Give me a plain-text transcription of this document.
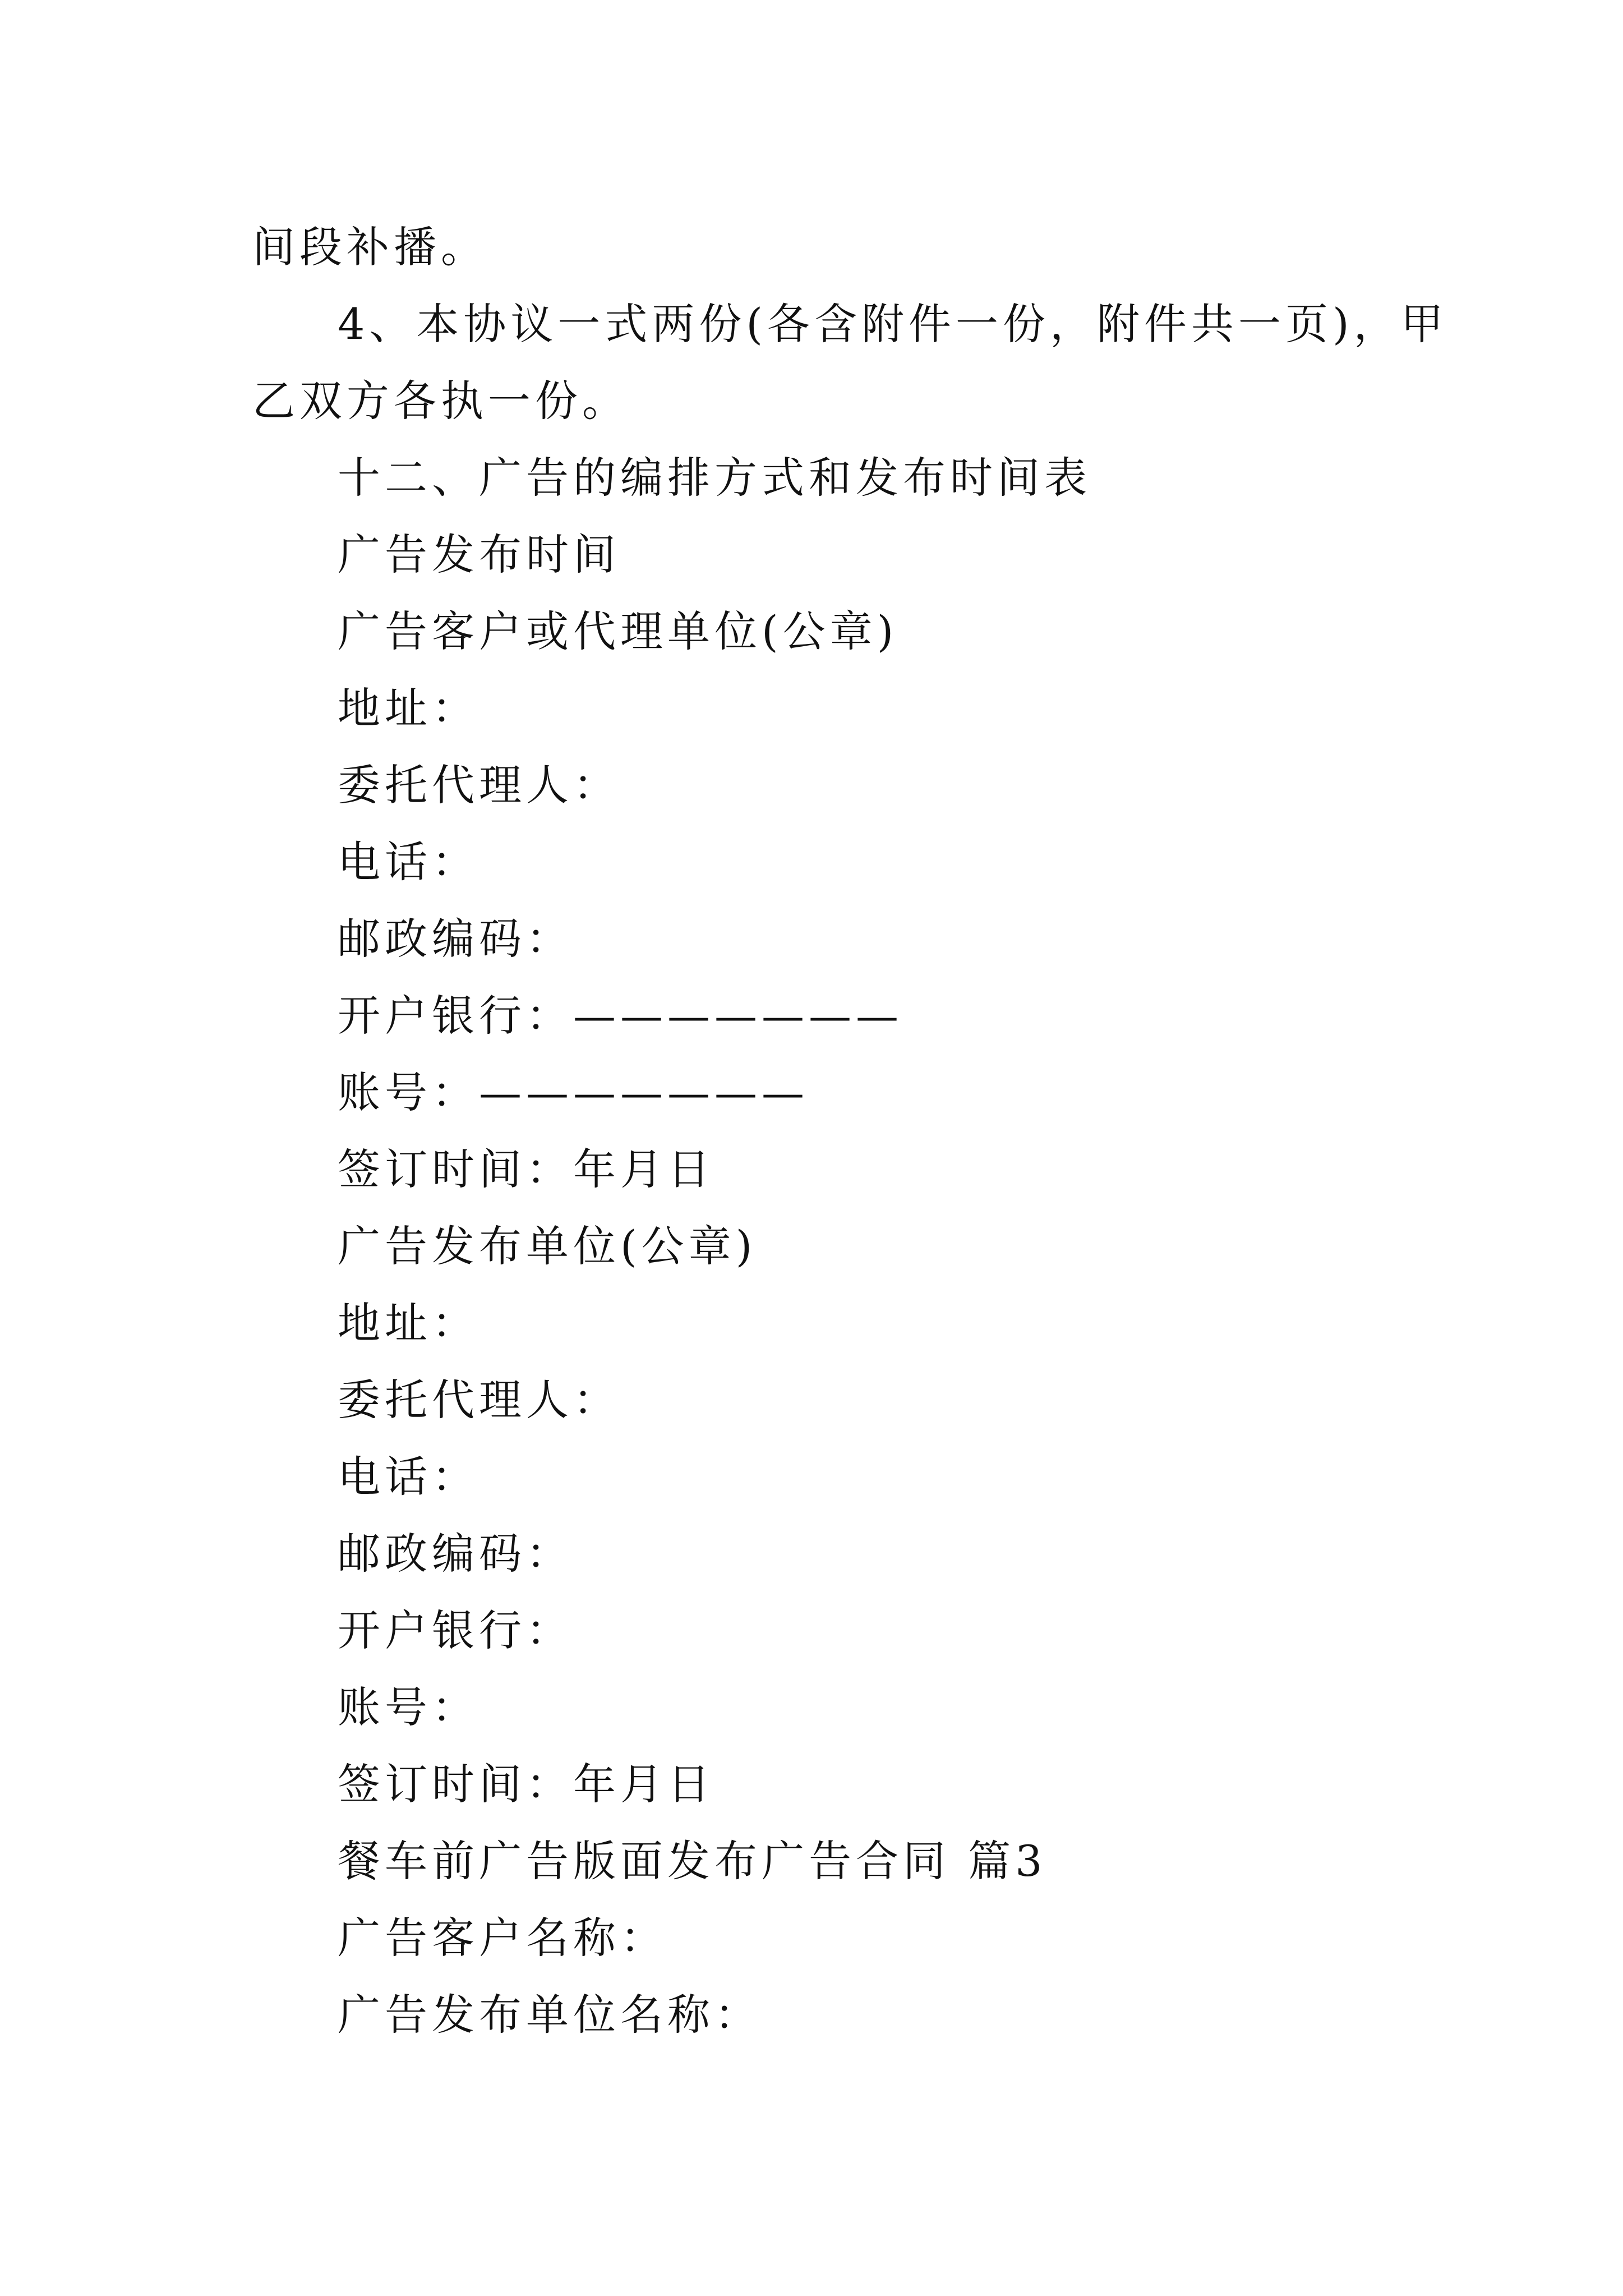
间段补播。
4、本协议一式两份(各含附件一份，附件共一页)，甲
乙双方各执一份。
十二、广告的编排方式和发布时间表
广告发布时间
广告客户或代理单位(公章)
地址：
委托代理人：
电话：
邮政编码：
开户银行：———————
账号：———————
签订时间：年月日
广告发布单位(公章)
地址：
委托代理人：
电话：
邮政编码：
开户银行：
账号：
签订时间：年月日
餐车前广告版面发布广告合同 篇3
广告客户名称：
广告发布单位名称：
